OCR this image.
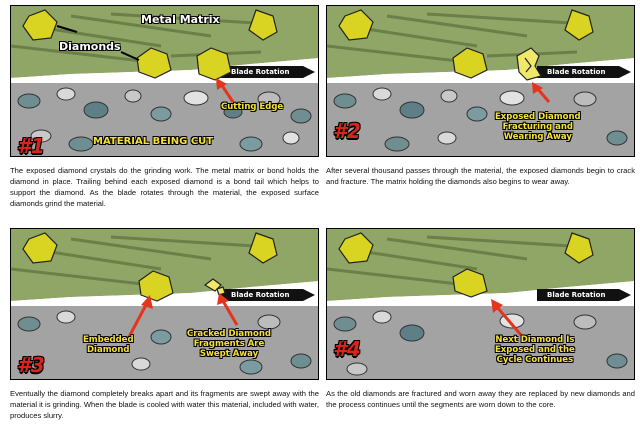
Metal Matrix
Diamonds
Blade Rotation
Cutting Edge
MATERIAL BEING CUT
#1
The exposed diamond crystals do the grinding work. The metal matrix or bond holds the diamond in place. Trailing behind each exposed diamond is a bond tail which helps to support the diamond. As the blade rotates through the material, the exposed surface diamonds grind the material.
Blade Rotation
Exposed Diamond
Fracturing and
Wearing Away
#2
After several thousand passes through the material, the exposed diamonds begin to crack and fracture. The matrix holding the diamonds also begins to wear away.
Blade Rotation
Embedded
Diamond
Cracked Diamond
Fragments Are
Swept Away
#3
Eventually the diamond completely breaks apart and its fragments are swept away with the material it is grinding. When the blade is cooled with water this material, included with water, produces slurry.
Blade Rotation
Next Diamond Is
Exposed and the
Cycle Continues
#4
As the old diamonds are fractured and worn away they are replaced by new diamonds and the process continues until the segments are worn down to the core.
